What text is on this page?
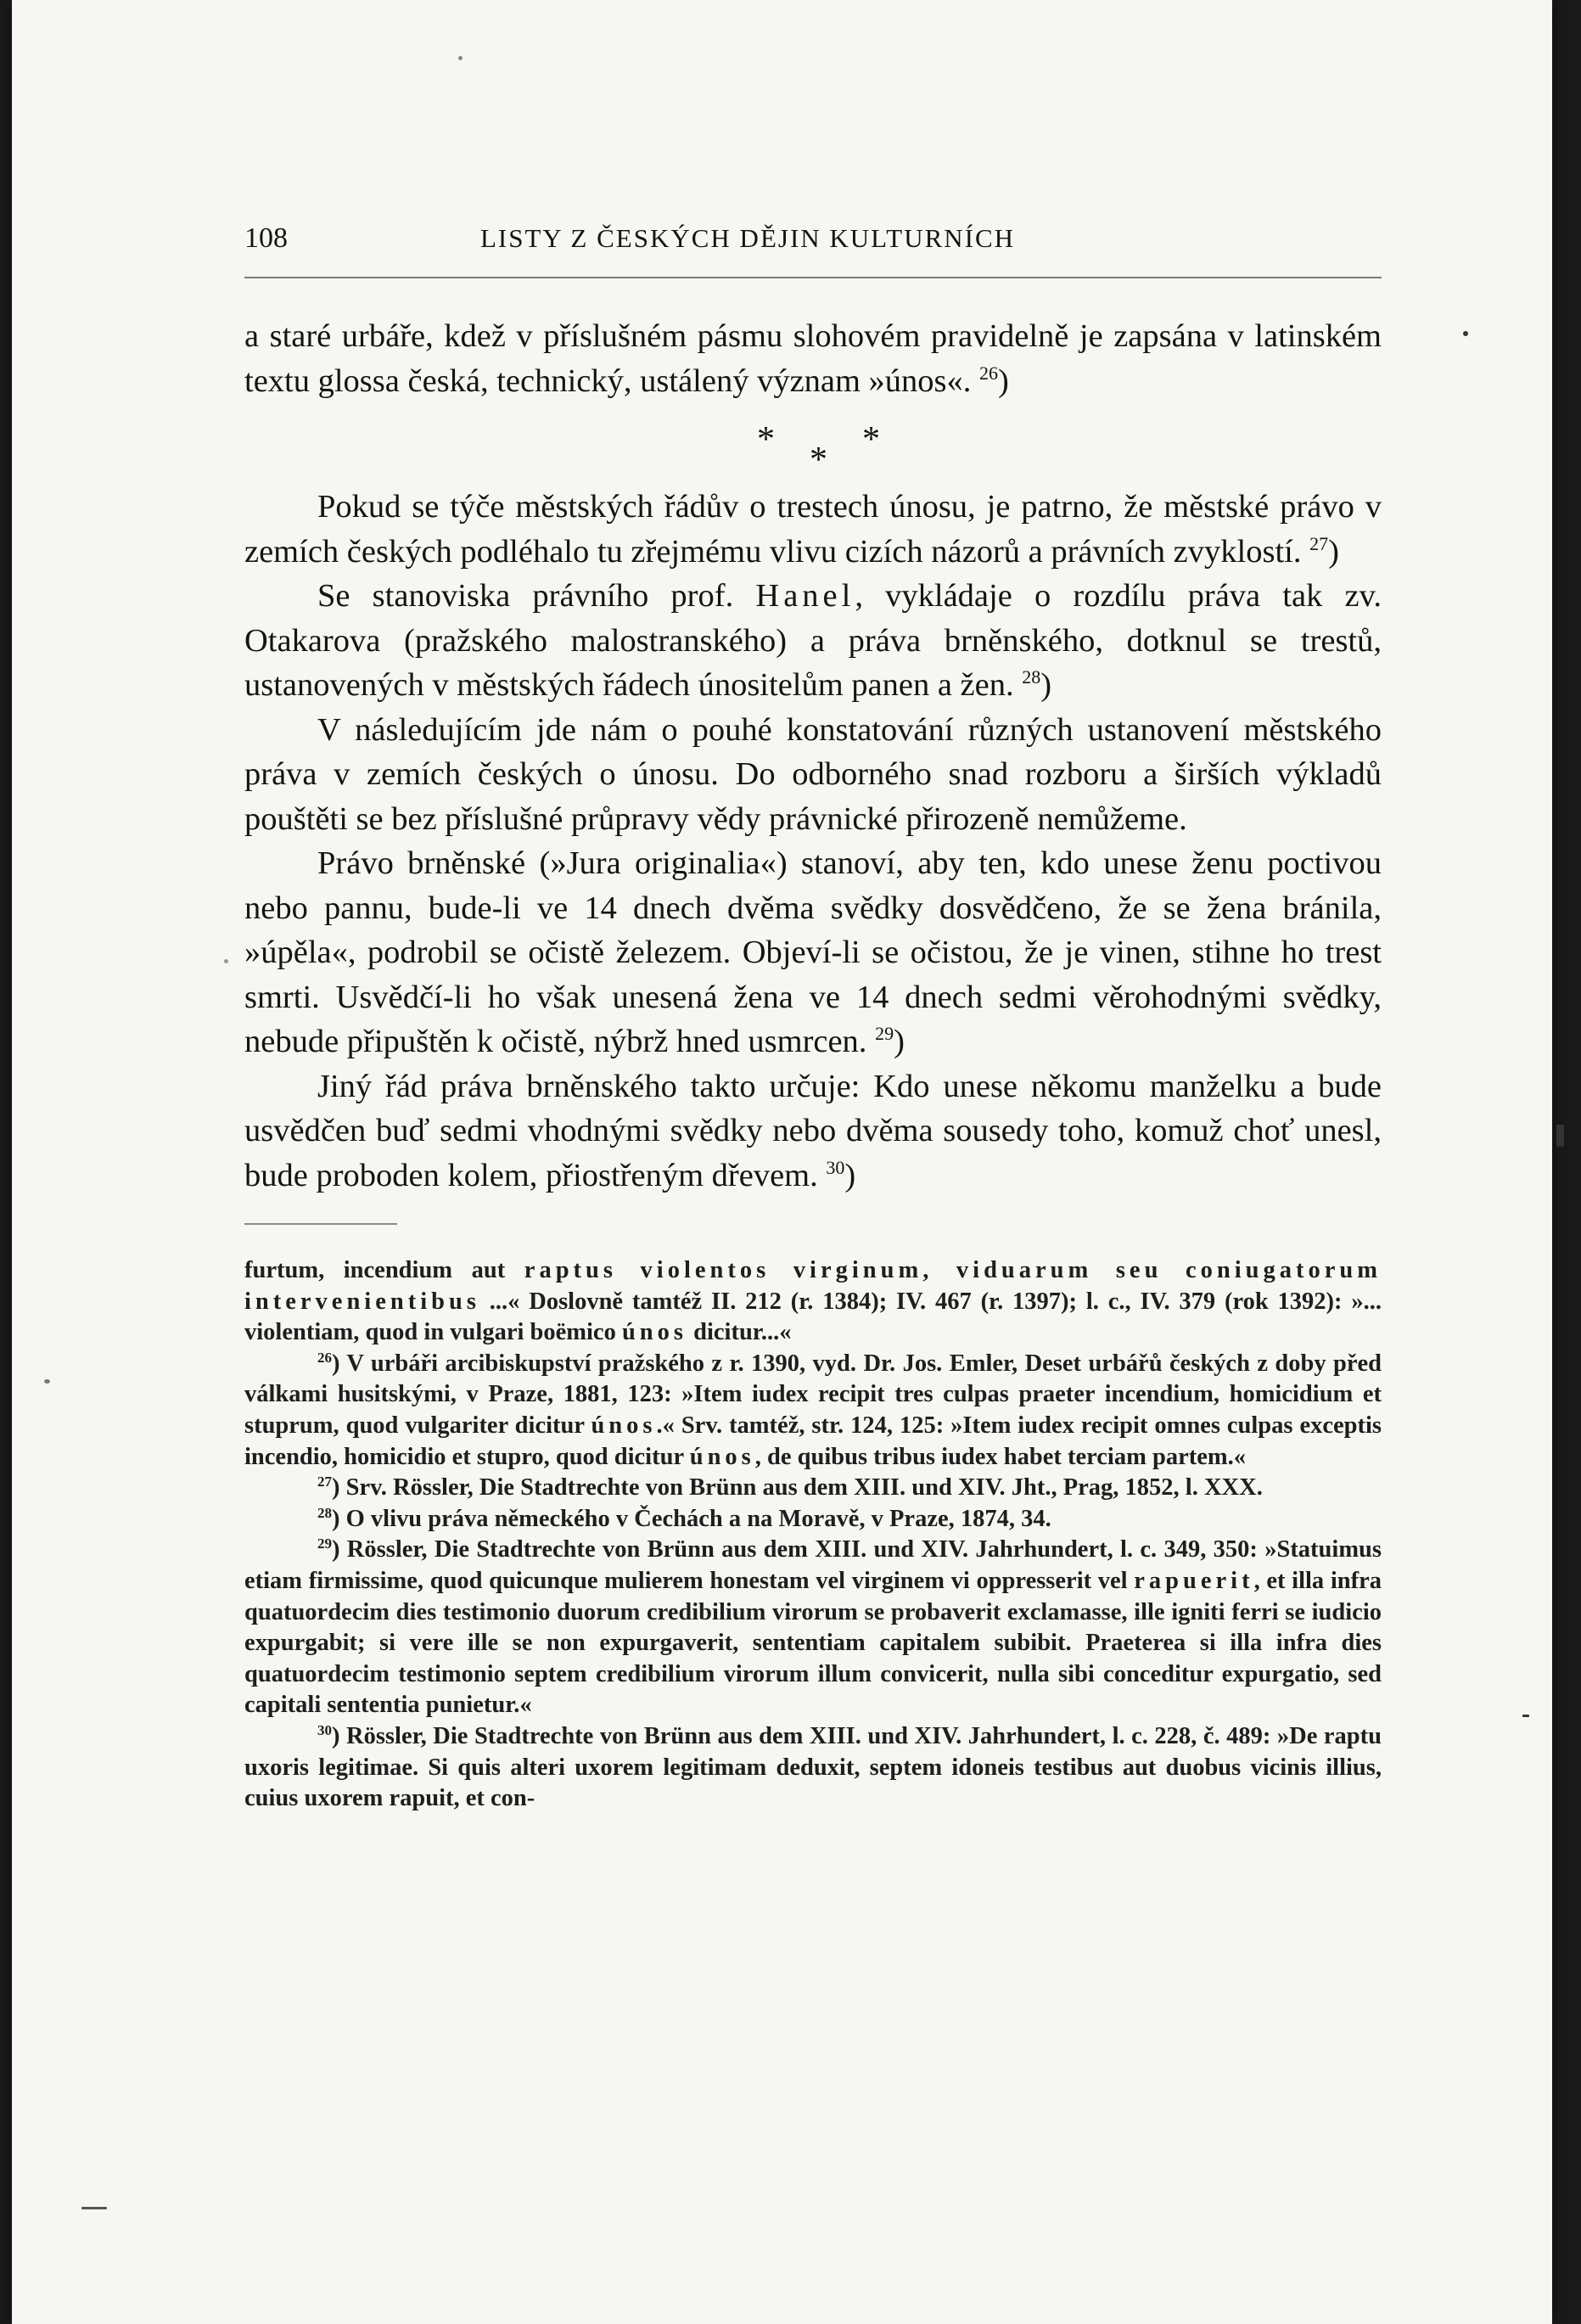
108	LISTY Z ČESKÝCH DĚJIN KULTURNÍCH

a staré urbáře, kdež v příslušném pásmu slohovém pravidelně je zapsána v latinském textu glossa česká, technický, ustálený význam »únos«. $^{26}$)

*
*
*

Pokud se týče městských řádův o trestech únosu, je patrno, že městské právo v zemích českých podléhalo tu zřejmému vlivu cizích názorů a právních zvyklostí. $^{27}$)

Se stanoviska právního prof. Hanel, vykládaje o rozdílu práva tak zv. Otakarova (pražského malostranského) a práva brněnského, dotknul se trestů, ustanovených v městských řádech únositelům panen a žen. $^{28}$)

V následujícím jde nám o pouhé konstatování různých ustanovení městského práva v zemích českých o únosu. Do odborného snad rozboru a širších výkladů pouštěti se bez příslušné průpravy vědy právnické přirozeně nemůžeme.

Právo brněnské (»Jura originalia«) stanoví, aby ten, kdo unese ženu poctivou nebo pannu, bude-li ve 14 dnech dvěma svědky dosvědčeno, že se žena bránila, »úpěla«, podrobil se očistě železem. Objeví-li se očistou, že je vinen, stihne ho trest smrti. Usvědčí-li ho však unesená žena ve 14 dnech sedmi věrohodnými svědky, nebude připuštěn k očistě, nýbrž hned usmrcen. $^{29}$)

Jiný řád práva brněnského takto určuje: Kdo unese někomu manželku a bude usvědčen buď sedmi vhodnými svědky nebo dvěma sousedy toho, komuž choť unesl, bude proboden kolem, přiostřeným dřevem. $^{30}$)

furtum, incendium aut raptus violentos virginum, viduarum seu coniugatorum intervenientibus ...« Doslovně tamtéž II. 212 (r. 1384); IV. 467 (r. 1397); l. c., IV. 379 (rok 1392): »... violentiam, quod in vulgari boëmico únos dicitur...«

$^{26}$) V urbáři arcibiskupství pražského z r. 1390, vyd. Dr. Jos. Emler, Deset urbářů českých z doby před válkami husitskými, v Praze, 1881, 123: »Item iudex recipit tres culpas praeter incendium, homicidium et stuprum, quod vulgariter dicitur únos.« Srv. tamtéž, str. 124, 125: »Item iudex recipit omnes culpas exceptis incendio, homicidio et stupro, quod dicitur únos, de quibus tribus iudex habet terciam partem.«

$^{27}$) Srv. Rössler, Die Stadtrechte von Brünn aus dem XIII. und XIV. Jht., Prag, 1852, l. XXX.

$^{28}$) O vlivu práva německého v Čechách a na Moravě, v Praze, 1874, 34.

$^{29}$) Rössler, Die Stadtrechte von Brünn aus dem XIII. und XIV. Jahrhundert, l. c. 349, 350: »Statuimus etiam firmissime, quod quicunque mulierem honestam vel virginem vi oppresserit vel rapuerit, et illa infra quatuordecim dies testimonio duorum credibilium virorum se probaverit exclamasse, ille igniti ferri se iudicio expurgabit; si vere ille se non expurgaverit, sententiam capitalem subibit. Praeterea si illa infra dies quatuordecim testimonio septem credibilium virorum illum convicerit, nulla sibi conceditur expurgatio, sed capitali sententia punietur.«

$^{30}$) Rössler, Die Stadtrechte von Brünn aus dem XIII. und XIV. Jahrhundert, l. c. 228, č. 489: »De raptu uxoris legitimae. Si quis alteri uxorem legitimam deduxit, septem idoneis testibus aut duobus vicinis illius, cuius uxorem rapuit, et con-
